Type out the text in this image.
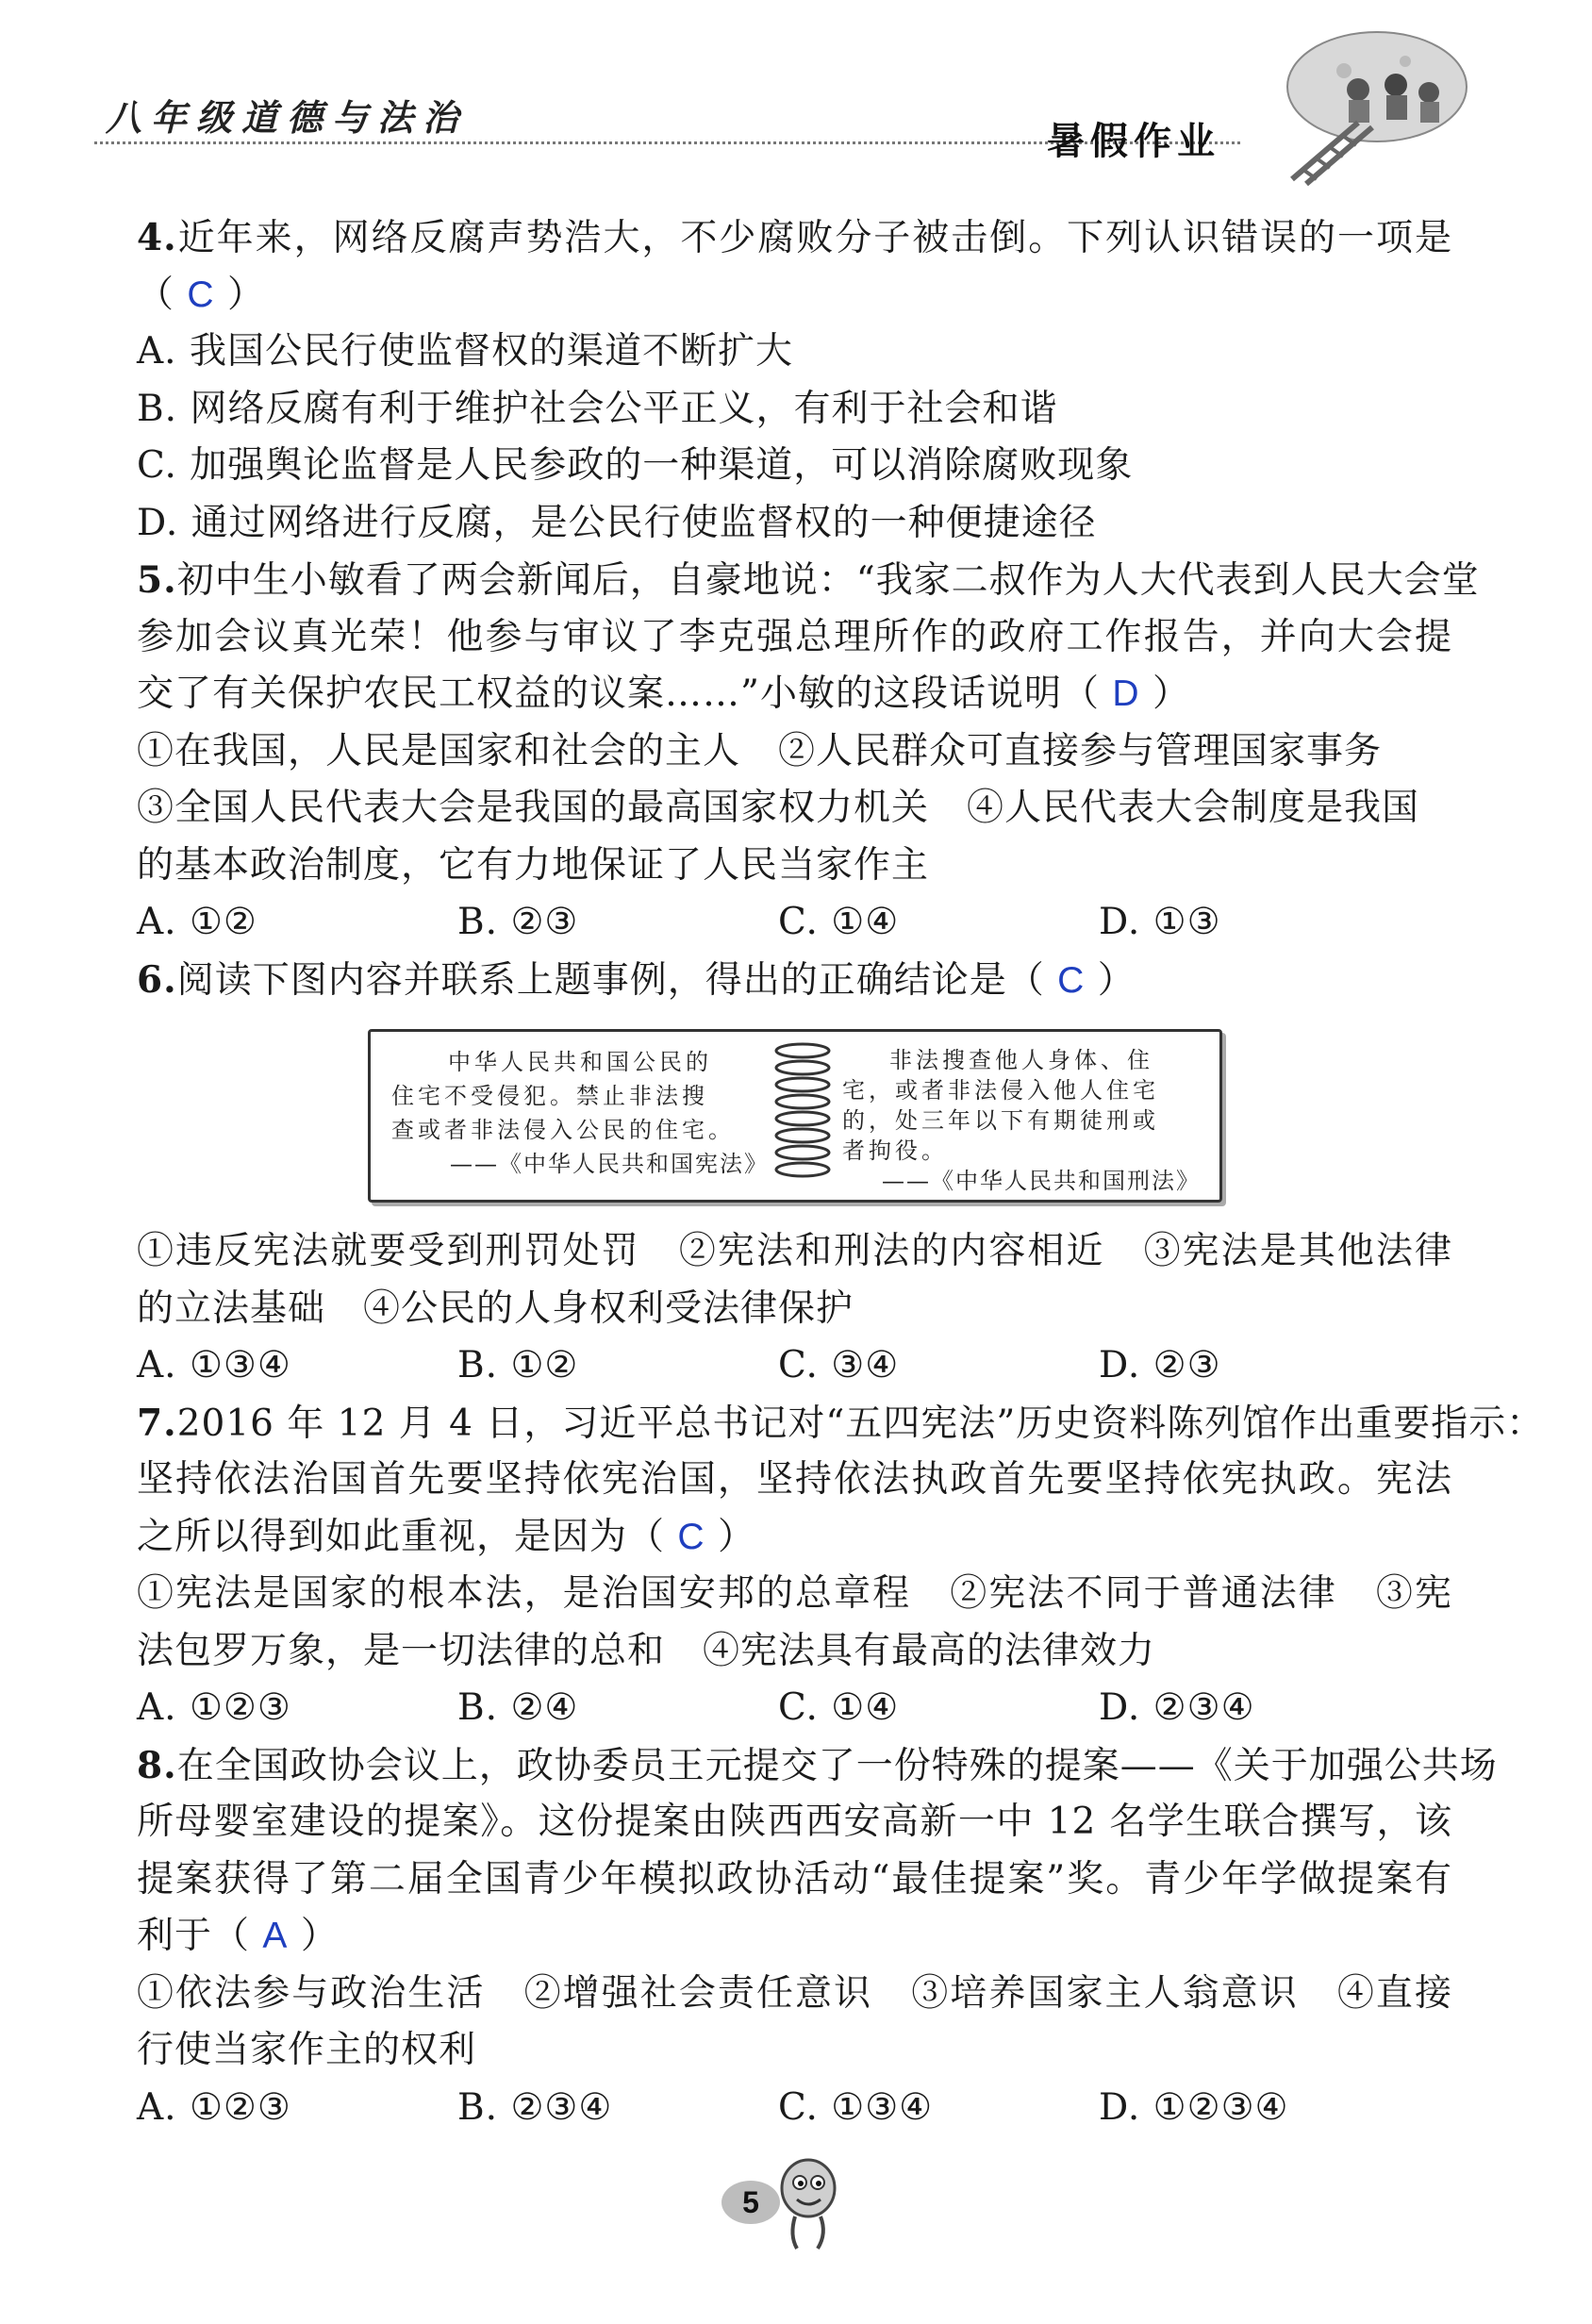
八年级道德与法治
暑假作业
4.近年来，网络反腐声势浩大，不少腐败分子被击倒。下列认识错误的一项是
（ C ）
A. 我国公民行使监督权的渠道不断扩大
B. 网络反腐有利于维护社会公平正义，有利于社会和谐
C. 加强舆论监督是人民参政的一种渠道，可以消除腐败现象
D. 通过网络进行反腐，是公民行使监督权的一种便捷途径
5.初中生小敏看了两会新闻后，自豪地说：“我家二叔作为人大代表到人民大会堂
参加会议真光荣！他参与审议了李克强总理所作的政府工作报告，并向大会提
交了有关保护农民工权益的议案……”小敏的这段话说明（ D ）
①在我国，人民是国家和社会的主人　②人民群众可直接参与管理国家事务
③全国人民代表大会是我国的最高国家权力机关　④人民代表大会制度是我国
的基本政治制度，它有力地保证了人民当家作主
A. ①②	B. ②③	C. ①④	D. ①③
6.阅读下图内容并联系上题事例，得出的正确结论是（ C ）
中华人民共和国公民的
住宅不受侵犯。禁止非法搜
查或者非法侵入公民的住宅。
——《中华人民共和国宪法》
非法搜查他人身体、住
宅，或者非法侵入他人住宅
的，处三年以下有期徒刑或
者拘役。
——《中华人民共和国刑法》
①违反宪法就要受到刑罚处罚　②宪法和刑法的内容相近　③宪法是其他法律
的立法基础　④公民的人身权利受法律保护
A. ①③④	B. ①②	C. ③④	D. ②③
7.2016 年 12 月 4 日，习近平总书记对“五四宪法”历史资料陈列馆作出重要指示：
坚持依法治国首先要坚持依宪治国，坚持依法执政首先要坚持依宪执政。宪法
之所以得到如此重视，是因为（ C ）
①宪法是国家的根本法，是治国安邦的总章程　②宪法不同于普通法律　③宪
法包罗万象，是一切法律的总和　④宪法具有最高的法律效力
A. ①②③	B. ②④	C. ①④	D. ②③④
8.在全国政协会议上，政协委员王元提交了一份特殊的提案——《关于加强公共场
所母婴室建设的提案》。这份提案由陕西西安高新一中 12 名学生联合撰写，该
提案获得了第二届全国青少年模拟政协活动“最佳提案”奖。青少年学做提案有
利于（ A ）
①依法参与政治生活　②增强社会责任意识　③培养国家主人翁意识　④直接
行使当家作主的权利
A. ①②③	B. ②③④	C. ①③④	D. ①②③④
5
